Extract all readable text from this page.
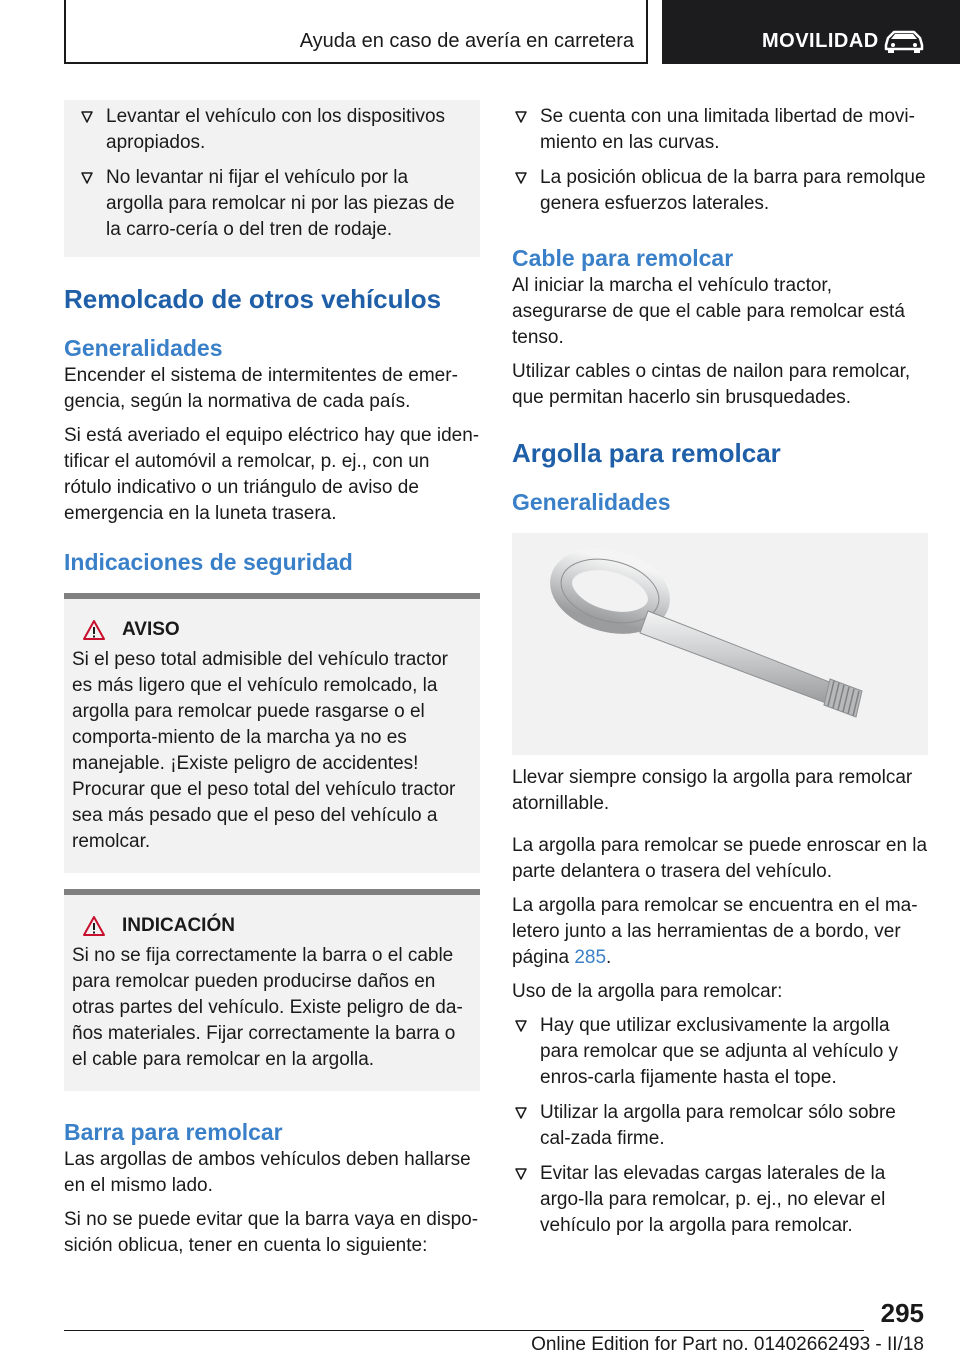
Ayuda en caso de avería en carretera	MOVILIDAD
Levantar el vehículo con los dispositivos apropiados.
No levantar ni fijar el vehículo por la argolla para remolcar ni por las piezas de la carro-cería o del tren de rodaje.
Remolcado de otros vehículos
Generalidades

Encender el sistema de intermitentes de emer-gencia, según la normativa de cada país.

Si está averiado el equipo eléctrico hay que iden-tificar el automóvil a remolcar, p. ej., con un rótulo indicativo o un triángulo de aviso de emergencia en la luneta trasera.

Indicaciones de seguridad
AVISO

Si el peso total admisible del vehículo tractor es más ligero que el vehículo remolcado, la argolla para remolcar puede rasgarse o el comporta-miento de la marcha ya no es manejable. ¡Existe peligro de accidentes! Procurar que el peso total del vehículo tractor sea más pesado que el peso del vehículo a remolcar.

INDICACIÓN

Si no se fija correctamente la barra o el cable para remolcar pueden producirse daños en otras partes del vehículo. Existe peligro de da-ños materiales. Fijar correctamente la barra o el cable para remolcar en la argolla.

Barra para remolcar

Las argollas de ambos vehículos deben hallarse en el mismo lado.

Si no se puede evitar que la barra vaya en dispo-sición oblicua, tener en cuenta lo siguiente:

Se cuenta con una limitada libertad de movi-miento en las curvas.
La posición oblicua de la barra para remolque genera esfuerzos laterales.
Cable para remolcar

Al iniciar la marcha el vehículo tractor, asegurarse de que el cable para remolcar está tenso.

Utilizar cables o cintas de nailon para remolcar, que permitan hacerlo sin brusquedades.

Argolla para remolcar
Generalidades

Llevar siempre consigo la argolla para remolcar atornillable.

La argolla para remolcar se puede enroscar en la parte delantera o trasera del vehículo.

La argolla para remolcar se encuentra en el ma-letero junto a las herramientas de a bordo, ver página 285.

Uso de la argolla para remolcar:

Hay que utilizar exclusivamente la argolla para remolcar que se adjunta al vehículo y enros-carla fijamente hasta el tope.
Utilizar la argolla para remolcar sólo sobre cal-zada firme.
Evitar las elevadas cargas laterales de la argo-lla para remolcar, p. ej., no elevar el vehículo por la argolla para remolcar.
295
Online Edition for Part no. 01402662493 - II/18
